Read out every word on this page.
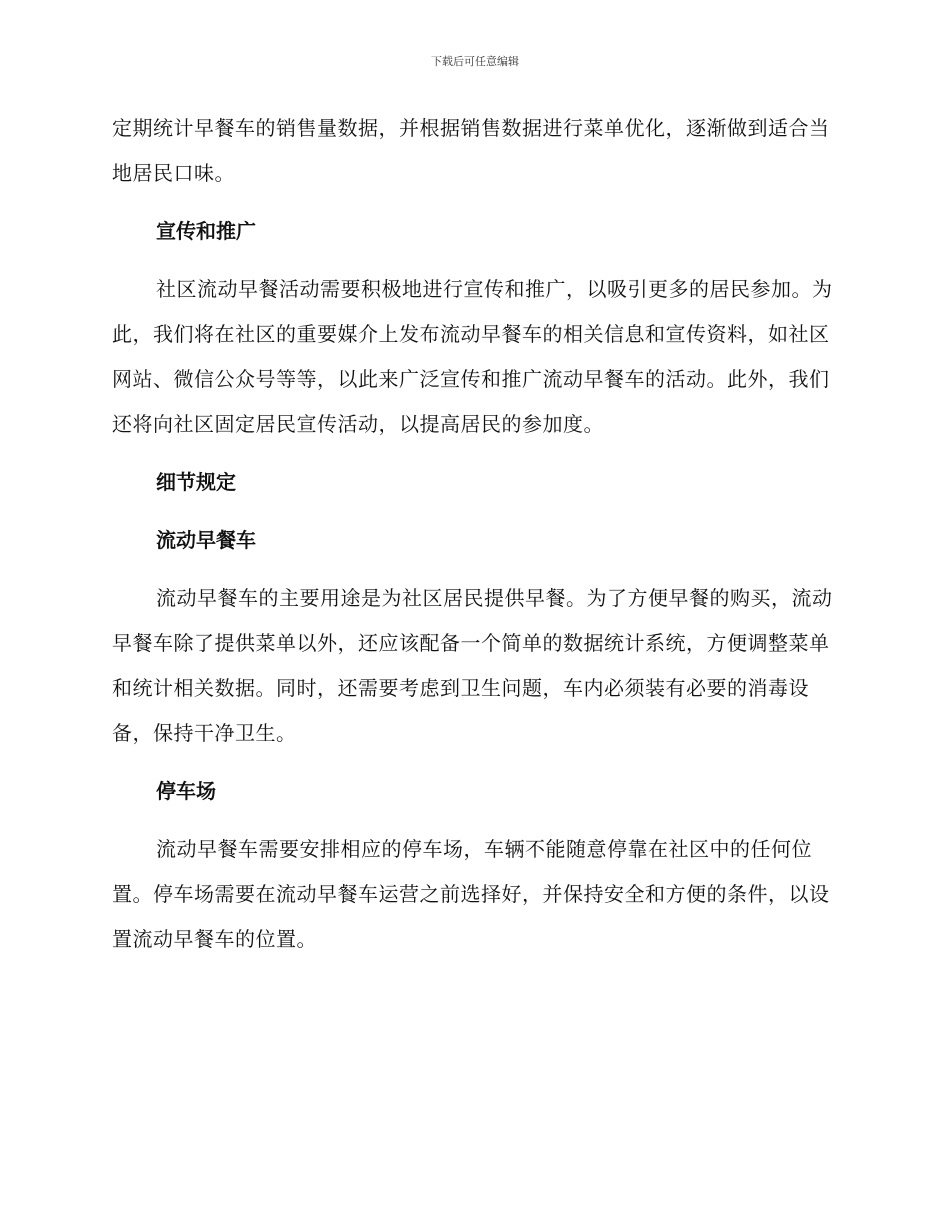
下载后可任意编辑

定期统计早餐车的销售量数据，并根据销售数据进行菜单优化，逐渐做到适合当地居民口味。

宣传和推广

社区流动早餐活动需要积极地进行宣传和推广，以吸引更多的居民参加。为此，我们将在社区的重要媒介上发布流动早餐车的相关信息和宣传资料，如社区网站、微信公众号等等，以此来广泛宣传和推广流动早餐车的活动。此外，我们还将向社区固定居民宣传活动，以提高居民的参加度。

细节规定
流动早餐车

流动早餐车的主要用途是为社区居民提供早餐。为了方便早餐的购买，流动早餐车除了提供菜单以外，还应该配备一个简单的数据统计系统，方便调整菜单和统计相关数据。同时，还需要考虑到卫生问题，车内必须装有必要的消毒设备，保持干净卫生。

停车场

流动早餐车需要安排相应的停车场，车辆不能随意停靠在社区中的任何位置。停车场需要在流动早餐车运营之前选择好，并保持安全和方便的条件，以设置流动早餐车的位置。
